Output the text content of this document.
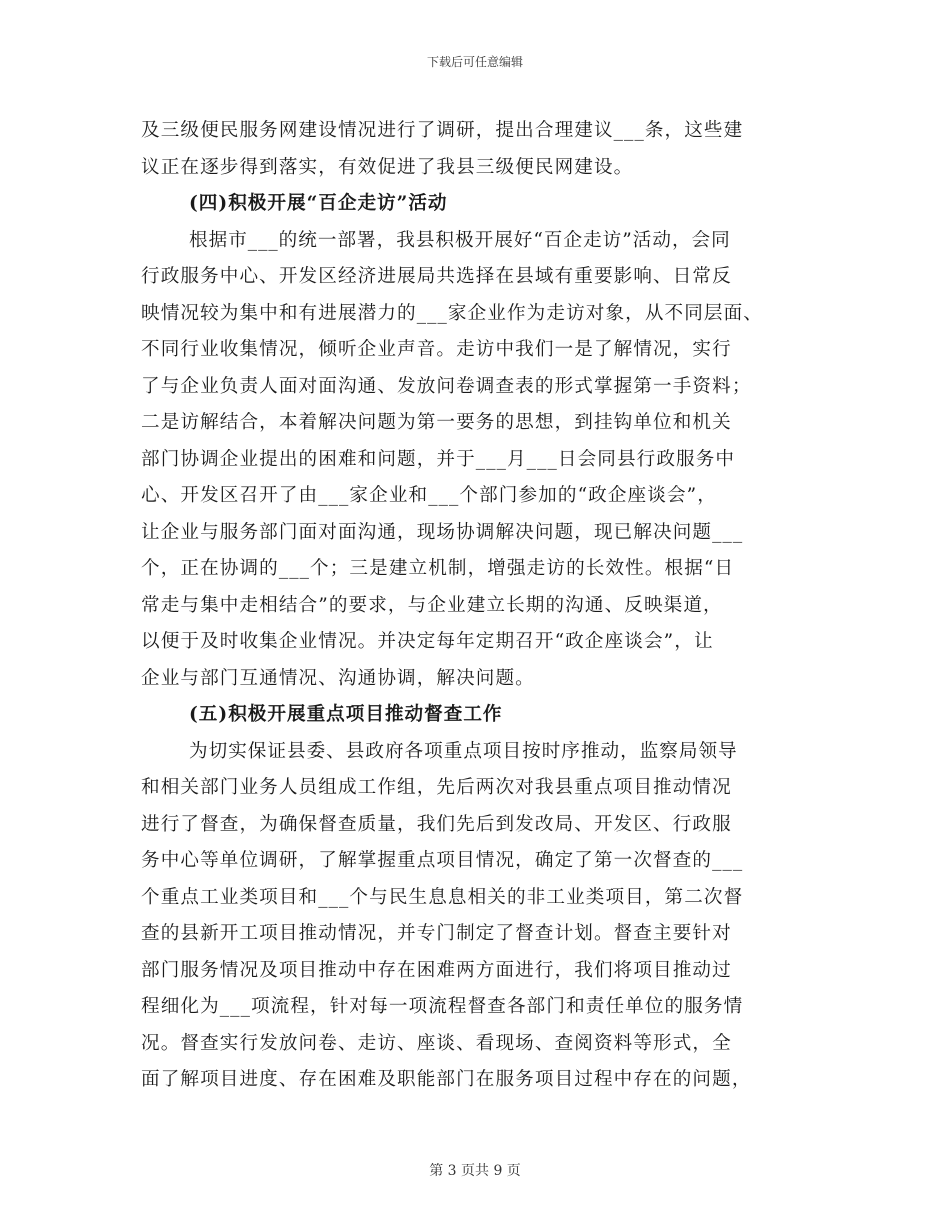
下载后可任意编辑
及三级便民服务网建设情况进行了调研，提出合理建议___条，这些建
议正在逐步得到落实，有效促进了我县三级便民网建设。
(四)积极开展“百企走访”活动
根据市___的统一部署，我县积极开展好“百企走访”活动，会同
行政服务中心、开发区经济进展局共选择在县域有重要影响、日常反
映情况较为集中和有进展潜力的___家企业作为走访对象，从不同层面、
不同行业收集情况，倾听企业声音。走访中我们一是了解情况，实行
了与企业负责人面对面沟通、发放问卷调查表的形式掌握第一手资料；
二是访解结合，本着解决问题为第一要务的思想，到挂钩单位和机关
部门协调企业提出的困难和问题，并于___月___日会同县行政服务中
心、开发区召开了由___家企业和___个部门参加的“政企座谈会”，
让企业与服务部门面对面沟通，现场协调解决问题，现已解决问题___
个，正在协调的___个；三是建立机制，增强走访的长效性。根据“日
常走与集中走相结合”的要求，与企业建立长期的沟通、反映渠道，
以便于及时收集企业情况。并决定每年定期召开“政企座谈会”，让
企业与部门互通情况、沟通协调，解决问题。
(五)积极开展重点项目推动督查工作
为切实保证县委、县政府各项重点项目按时序推动，监察局领导
和相关部门业务人员组成工作组，先后两次对我县重点项目推动情况
进行了督查，为确保督查质量，我们先后到发改局、开发区、行政服
务中心等单位调研，了解掌握重点项目情况，确定了第一次督查的___
个重点工业类项目和___个与民生息息相关的非工业类项目，第二次督
查的县新开工项目推动情况，并专门制定了督查计划。督查主要针对
部门服务情况及项目推动中存在困难两方面进行，我们将项目推动过
程细化为___项流程，针对每一项流程督查各部门和责任单位的服务情
况。督查实行发放问卷、走访、座谈、看现场、查阅资料等形式，全
面了解项目进度、存在困难及职能部门在服务项目过程中存在的问题，
第 3 页共 9 页
